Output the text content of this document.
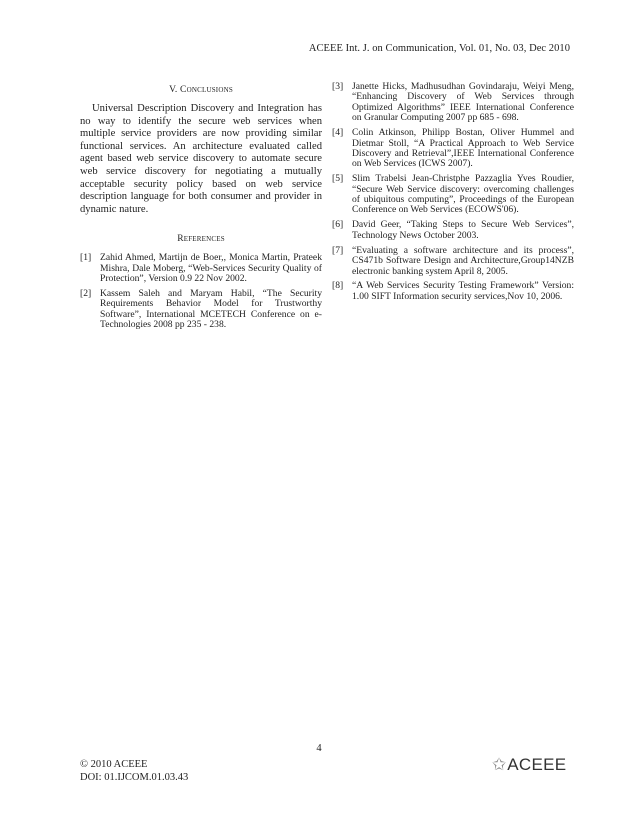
ACEEE Int. J. on Communication, Vol. 01, No. 03, Dec 2010
V. Conclusions

Universal Description Discovery and Integration has no way to identify the secure web services when multiple service providers are now providing similar functional services. An architecture evaluated called agent based web service discovery to automate secure web service discovery for negotiating a mutually acceptable security policy based on web service description language for both consumer and provider in dynamic nature.

References
[1] Zahid Ahmed, Martijn de Boer,, Monica Martin, Prateek Mishra, Dale Moberg, “Web-Services Security Quality of Protection”, Version 0.9 22 Nov 2002.
[2] Kassem Saleh and Maryam Habil, “The Security Requirements Behavior Model for Trustworthy Software”, International MCETECH Conference on e-Technologies 2008 pp 235 - 238.
[3] Janette Hicks, Madhusudhan Govindaraju, Weiyi Meng, “Enhancing Discovery of Web Services through Optimized Algorithms” IEEE International Conference on Granular Computing 2007 pp 685 - 698.
[4] Colin Atkinson, Philipp Bostan, Oliver Hummel and Dietmar Stoll, “A Practical Approach to Web Service Discovery and Retrieval”,IEEE International Conference on Web Services (ICWS 2007).
[5] Slim Trabelsi Jean-Christphe Pazzaglia Yves Roudier, “Secure Web Service discovery: overcoming challenges of ubiquitous computing”, Proceedings of the European Conference on Web Services (ECOWS'06).
[6] David Geer, “Taking Steps to Secure Web Services”, Technology News October 2003.
[7] “Evaluating a software architecture and its process”, CS471b Software Design and Architecture,Group14NZB electronic banking system April 8, 2005.
[8] “A Web Services Security Testing Framework” Version: 1.00 SIFT Information security services,Nov 10, 2006.
4
© 2010 ACEEE
DOI: 01.IJCOM.01.03.43
✩ ACEEE
